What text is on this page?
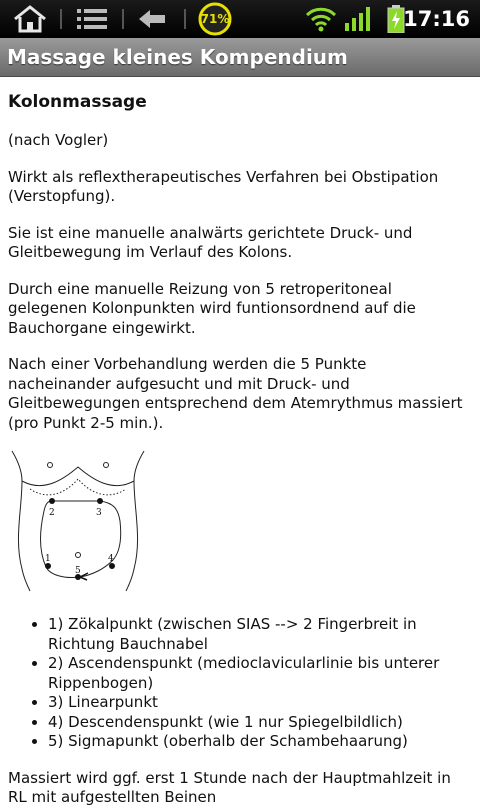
71%	17:16
Massage kleines Kompendium
Kolonmassage

(nach Vogler)

Wirkt als reflextherapeutisches Verfahren bei Obstipation (Verstopfung).

Sie ist eine manuelle analwärts gerichtete Druck- und Gleitbewegung im Verlauf des Kolons.

Durch eine manuelle Reizung von 5 retroperitoneal gelegenen Kolonpunkten wird funtionsordnend auf die Bauchorgane eingewirkt.

Nach einer Vorbehandlung werden die 5 Punkte nacheinander aufgesucht und mit Druck- und Gleitbewegungen entsprechend dem Atemrythmus massiert (pro Punkt 2-5 min.).

2	3
1	4
5
• 1) Zökalpunkt (zwischen SIAS --> 2 Fingerbreit in Richtung Bauchnabel
• 2) Ascendenspunkt (medioclavicularlinie bis unterer Rippenbogen)
• 3) Linearpunkt
• 4) Descendenspunkt (wie 1 nur Spiegelbildlich)
• 5) Sigmapunkt (oberhalb der Schambehaarung)

Massiert wird ggf. erst 1 Stunde nach der Hauptmahlzeit in RL mit aufgestellten Beinen
